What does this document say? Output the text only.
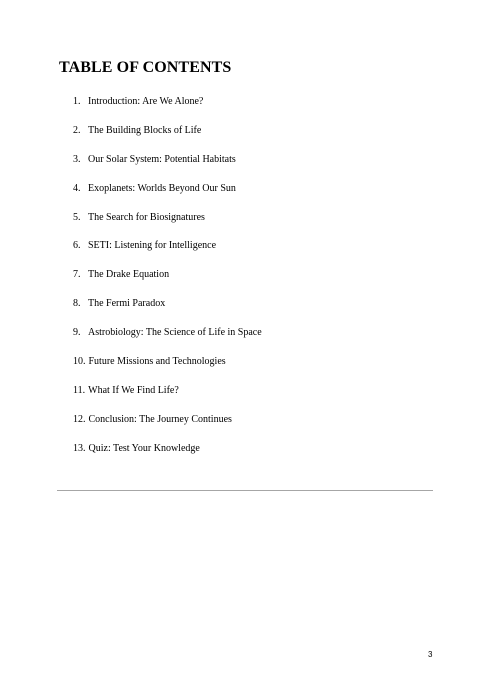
TABLE OF CONTENTS
1. Introduction: Are We Alone?
2. The Building Blocks of Life
3. Our Solar System: Potential Habitats
4. Exoplanets: Worlds Beyond Our Sun
5. The Search for Biosignatures
6. SETI: Listening for Intelligence
7. The Drake Equation
8. The Fermi Paradox
9. Astrobiology: The Science of Life in Space
10. Future Missions and Technologies
11. What If We Find Life?
12. Conclusion: The Journey Continues
13. Quiz: Test Your Knowledge
3
